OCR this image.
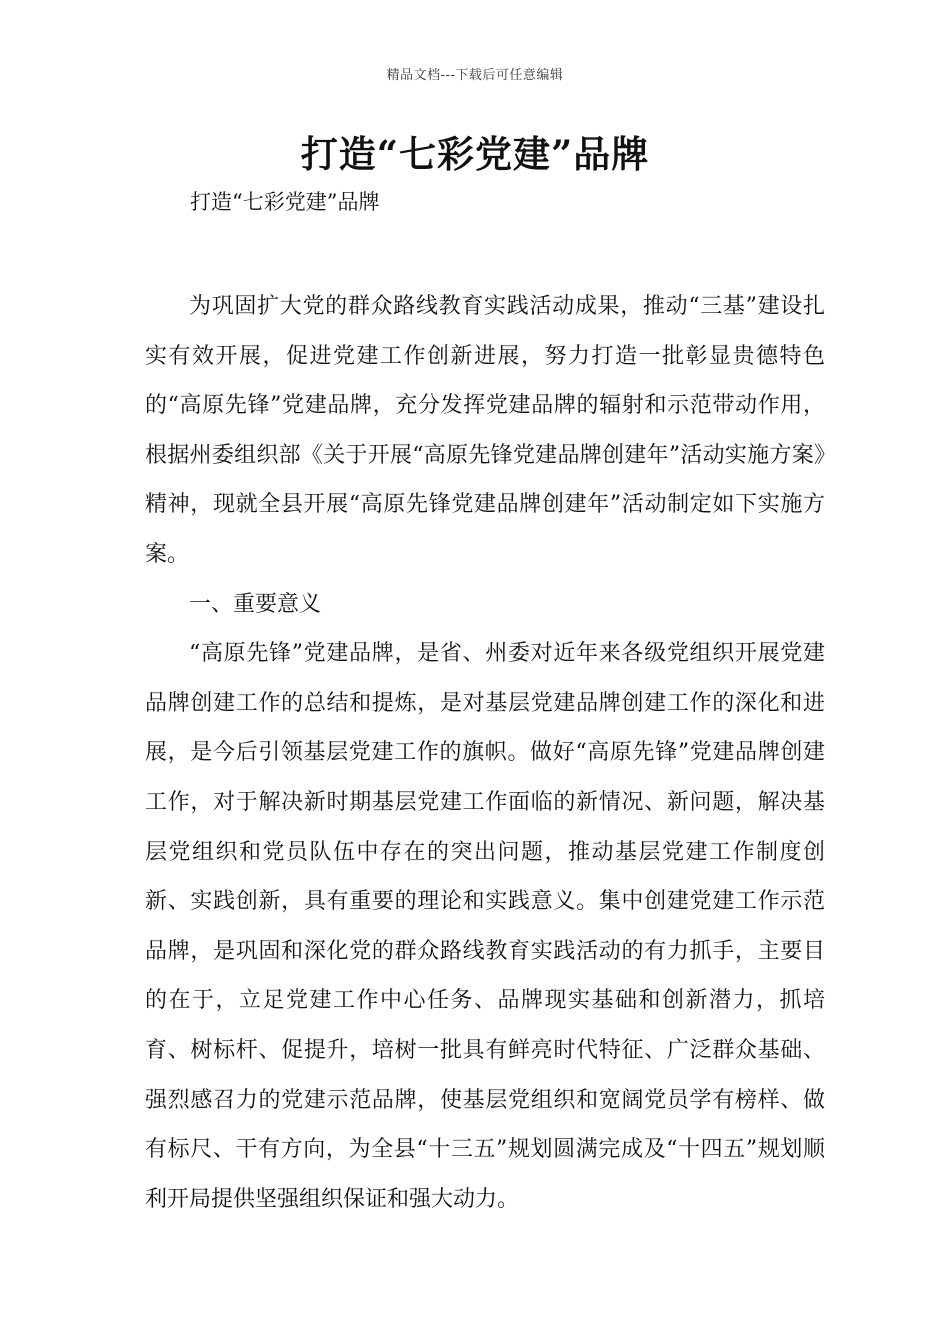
精品文档---下载后可任意编辑
打造“七彩党建”品牌
打造“七彩党建”品牌

为巩固扩大党的群众路线教育实践活动成果，推动“三基”建设扎实有效开展，促进党建工作创新进展，努力打造一批彰显贵德特色的“高原先锋”党建品牌，充分发挥党建品牌的辐射和示范带动作用，根据州委组织部《关于开展“高原先锋党建品牌创建年”活动实施方案》精神，现就全县开展“高原先锋党建品牌创建年”活动制定如下实施方案。

一、重要意义

“高原先锋”党建品牌，是省、州委对近年来各级党组织开展党建品牌创建工作的总结和提炼，是对基层党建品牌创建工作的深化和进展，是今后引领基层党建工作的旗帜。做好“高原先锋”党建品牌创建工作，对于解决新时期基层党建工作面临的新情况、新问题，解决基层党组织和党员队伍中存在的突出问题，推动基层党建工作制度创新、实践创新，具有重要的理论和实践意义。集中创建党建工作示范品牌，是巩固和深化党的群众路线教育实践活动的有力抓手，主要目的在于，立足党建工作中心任务、品牌现实基础和创新潜力，抓培育、树标杆、促提升，培树一批具有鲜亮时代特征、广泛群众基础、强烈感召力的党建示范品牌，使基层党组织和宽阔党员学有榜样、做有标尺、干有方向，为全县“十三五”规划圆满完成及“十四五”规划顺利开局提供坚强组织保证和强大动力。
